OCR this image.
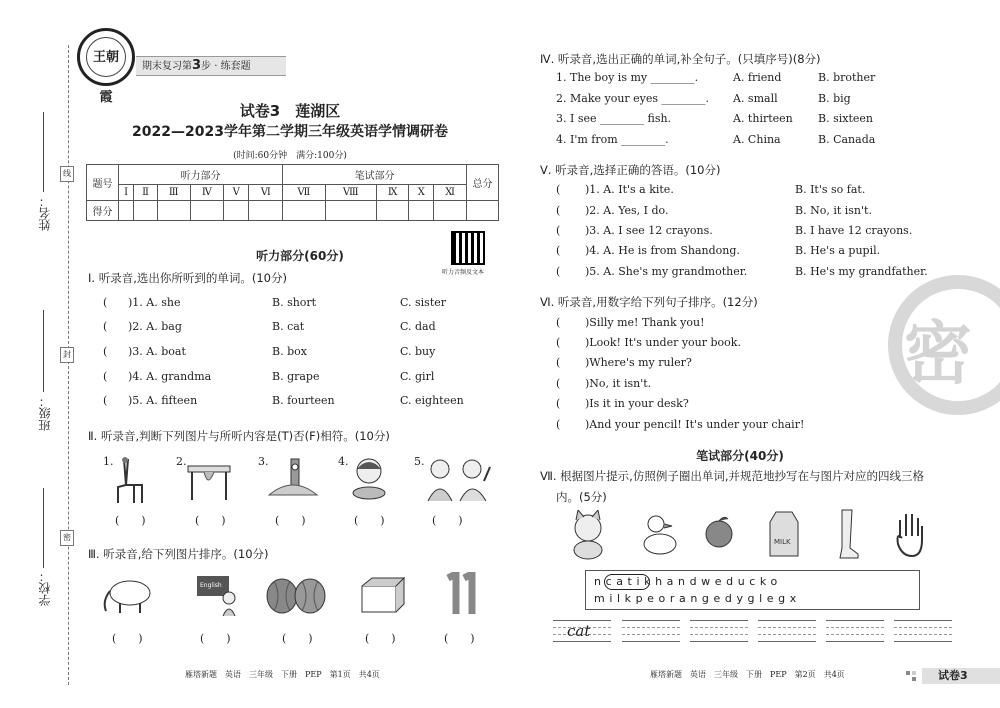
姓名：
班级：
学校：
线
封
密
王朝霞
期末复习第3步 · 练套题
试卷3　莲湖区
2022—2023学年第二学期三年级英语学情调研卷
(时间:60分钟　满分:100分)
题号	听力部分						笔试部分					总分
	Ⅰ	Ⅱ	Ⅲ	Ⅳ	Ⅴ	Ⅵ	Ⅶ	Ⅷ	Ⅸ	Ⅹ	Ⅺ	
得分												
听力部分(60分)
听力音频及文本
Ⅰ. 听录音,选出你所听到的单词。(10分)
( )1. A. she	B. short	C. sister
( )2. A. bag	B. cat	C. dad
( )3. A. boat	B. box	C. buy
( )4. A. grandma	B. grape	C. girl
( )5. A. fifteen	B. fourteen	C. eighteen
Ⅱ. 听录音,判断下列图片与所听内容是(T)否(F)相符。(10分)
1.	2.	3.	4.	5.
(　　)	(　　)	(　　)	(　　)	(　　)
Ⅲ. 听录音,给下列图片排序。(10分)
English
(　　)	(　　)	(　　)	(　　)	(　　)
雁塔新题　英语　三年级　下册　PEP　第1页　共4页
Ⅳ. 听录音,选出正确的单词,补全句子。(只填序号)(8分)
1. The boy is my ________.	A. friend	B. brother
2. Make your eyes ________. A. small	B. big
3. I see ________ fish.	A. thirteen B. sixteen
4. I'm from ________.	A. China	B. Canada
Ⅴ. 听录音,选择正确的答语。(10分)
( )1. A. It's a kite.	B. It's so fat.
( )2. A. Yes, I do.	B. No, it isn't.
( )3. A. I see 12 crayons.	B. I have 12 crayons.
( )4. A. He is from Shandong.	B. He's a pupil.
( )5. A. She's my grandmother.	B. He's my grandfather.
密
Ⅵ. 听录音,用数字给下列句子排序。(12分)
( )Silly me! Thank you!
( )Look! It's under your book.
( )Where's my ruler?
( )No, it isn't.
( )Is it in your desk?
( )And your pencil! It's under your chair!
笔试部分(40分)
Ⅶ. 根据图片提示,仿照例子圈出单词,并规范地抄写在与图片对应的四线三格
内。(5分)
MILK
ncatikhandweducko
milkpeorangedyglegx
cat
雁塔新题　英语　三年级　下册　PEP　第2页　共4页	试卷3
